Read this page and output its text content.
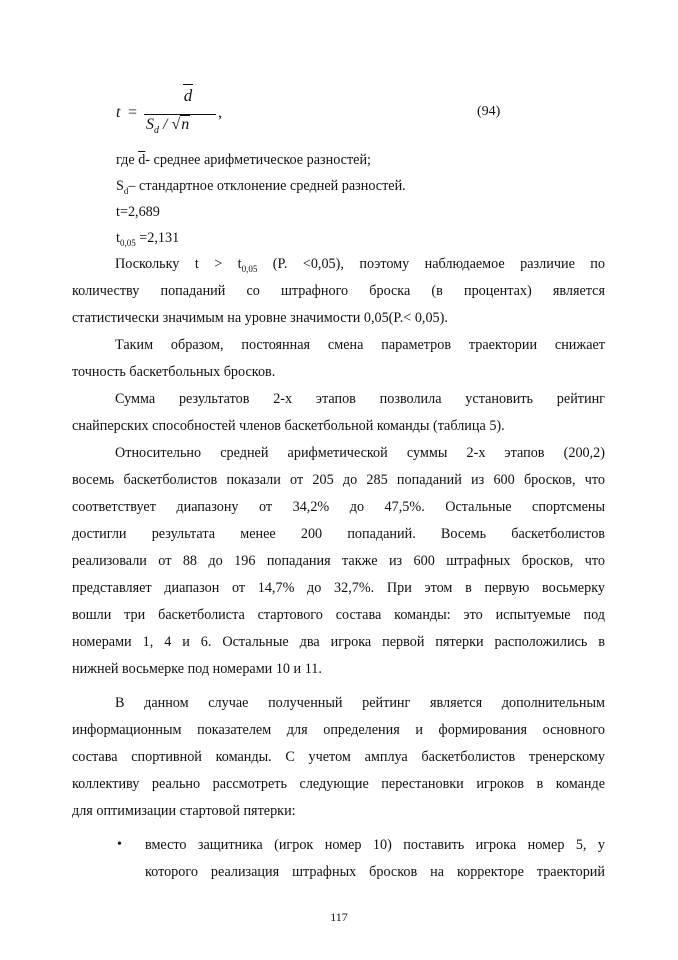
t =
d
$S_d / √n$
,	(94)
где $\overline{d}-$ среднее арифметическое разностей;
$S_d-$ стандартное отклонение средней разностей.
t=2,689
$t_{0,05} =2,131$
Поскольку $t > t_{0,05}$ (P. <0,05), поэтому наблюдаемое различие по
количеству попаданий со штрафного броска (в процентах) является
статистически значимым на уровне значимости 0,05(P.< 0,05).
Таким образом, постоянная смена параметров траектории снижает
точность баскетбольных бросков.
Сумма результатов 2-х этапов позволила установить рейтинг
снайперских способностей членов баскетбольной команды (таблица 5).
Относительно средней арифметической суммы 2-х этапов (200,2)
восемь баскетболистов показали от 205 до 285 попаданий из 600 бросков, что
соответствует диапазону от 34,2% до 47,5%. Остальные спортсмены
достигли результата менее 200 попаданий. Восемь баскетболистов
реализовали от 88 до 196 попадания также из 600 штрафных бросков, что
представляет диапазон от 14,7% до 32,7%. При этом в первую восьмерку
вошли три баскетболиста стартового состава команды: это испытуемые под
номерами 1, 4 и 6. Остальные два игрока первой пятерки расположились в
нижней восьмерке под номерами 10 и 11.
В данном случае полученный рейтинг является дополнительным
информационным показателем для определения и формирования основного
состава спортивной команды. С учетом амплуа баскетболистов тренерскому
коллективу реально рассмотреть следующие перестановки игроков в команде
для оптимизации стартовой пятерки:
• вместо защитника (игрок номер 10) поставить игрока номер 5, у
которого реализация штрафных бросков на корректоре траекторий
117
